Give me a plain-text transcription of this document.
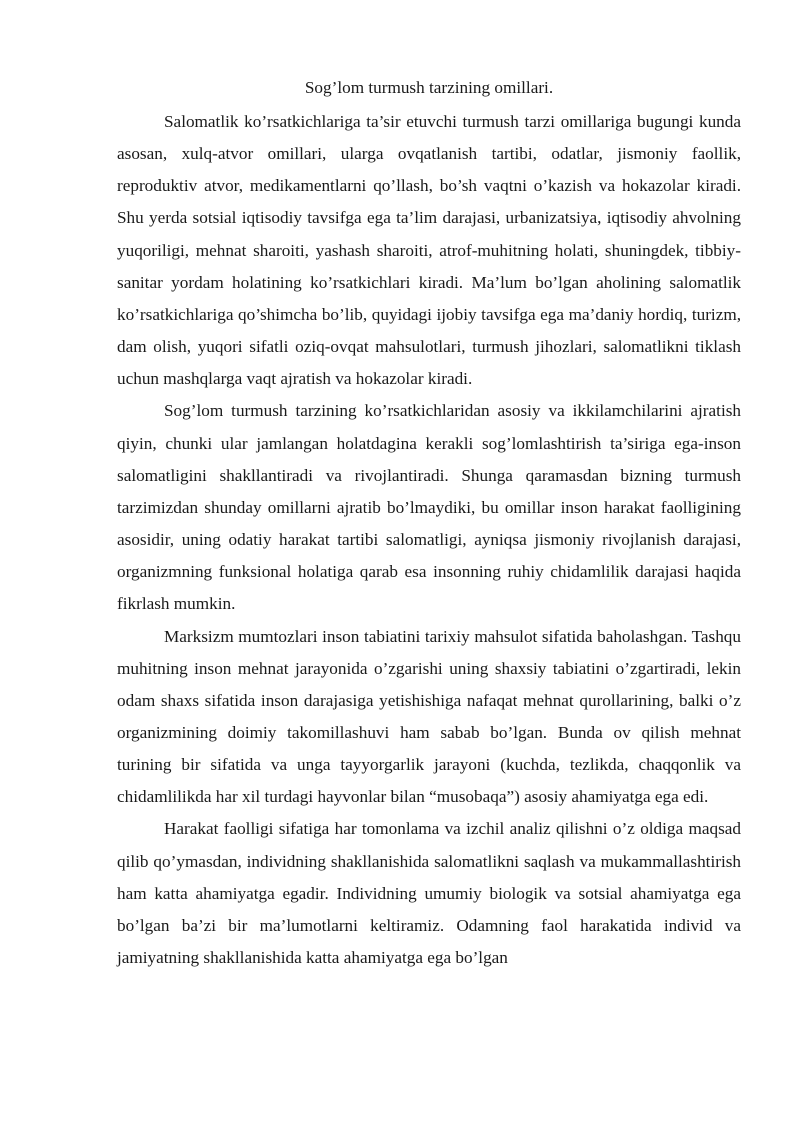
Sog’lom turmush tarzining omillari.

Salomatlik ko’rsatkichlariga ta’sir etuvchi turmush tarzi omillariga bugungi kunda asosan, xulq-atvor omillari, ularga ovqatlanish tartibi, odatlar, jismoniy faollik, reproduktiv atvor, medikamentlarni qo’llash, bo’sh vaqtni o’kazish va hokazolar kiradi. Shu yerda sotsial iqtisodiy tavsifga ega ta’lim darajasi, urbanizatsiya, iqtisodiy ahvolning yuqoriligi, mehnat sharoiti, yashash sharoiti, atrof-muhitning holati, shuningdek, tibbiy-sanitar yordam holatining ko’rsatkichlari kiradi. Ma’lum bo’lgan aholining salomatlik ko’rsatkichlariga qo’shimcha bo’lib, quyidagi ijobiy tavsifga ega ma’daniy hordiq, turizm, dam olish, yuqori sifatli oziq-ovqat mahsulotlari, turmush jihozlari, salomatlikni tiklash uchun mashqlarga vaqt ajratish va hokazolar kiradi.

Sog’lom turmush tarzining ko’rsatkichlaridan asosiy va ikkilamchilarini ajratish qiyin, chunki ular jamlangan holatdagina kerakli sog’lomlashtirish ta’siriga ega-inson salomatligini shakllantiradi va rivojlantiradi. Shunga qaramasdan bizning turmush tarzimizdan shunday omillarni ajratib bo’lmaydiki, bu omillar inson harakat faolligining asosidir, uning odatiy harakat tartibi salomatligi, ayniqsa jismoniy rivojlanish darajasi, organizmning funksional holatiga qarab esa insonning ruhiy chidamlilik darajasi haqida fikrlash mumkin.

Marksizm mumtozlari inson tabiatini tarixiy mahsulot sifatida baholashgan. Tashqu muhitning inson mehnat jarayonida o’zgarishi uning shaxsiy tabiatini o’zgartiradi, lekin odam shaxs sifatida inson darajasiga yetishishiga nafaqat mehnat qurollarining, balki o’z organizmining doimiy takomillashuvi ham sabab bo’lgan. Bunda ov qilish mehnat turining bir sifatida va unga tayyorgarlik jarayoni (kuchda, tezlikda, chaqqonlik va chidamlilikda har xil turdagi hayvonlar bilan “musobaqa”) asosiy ahamiyatga ega edi.

Harakat faolligi sifatiga har tomonlama va izchil analiz qilishni o’z oldiga maqsad qilib qo’ymasdan, individning shakllanishida salomatlikni saqlash va mukammallashtirish ham katta ahamiyatga egadir. Individning umumiy biologik va sotsial ahamiyatga ega bo’lgan ba’zi bir ma’lumotlarni keltiramiz. Odamning faol harakatida individ va jamiyatning shakllanishida katta ahamiyatga ega bo’lgan
